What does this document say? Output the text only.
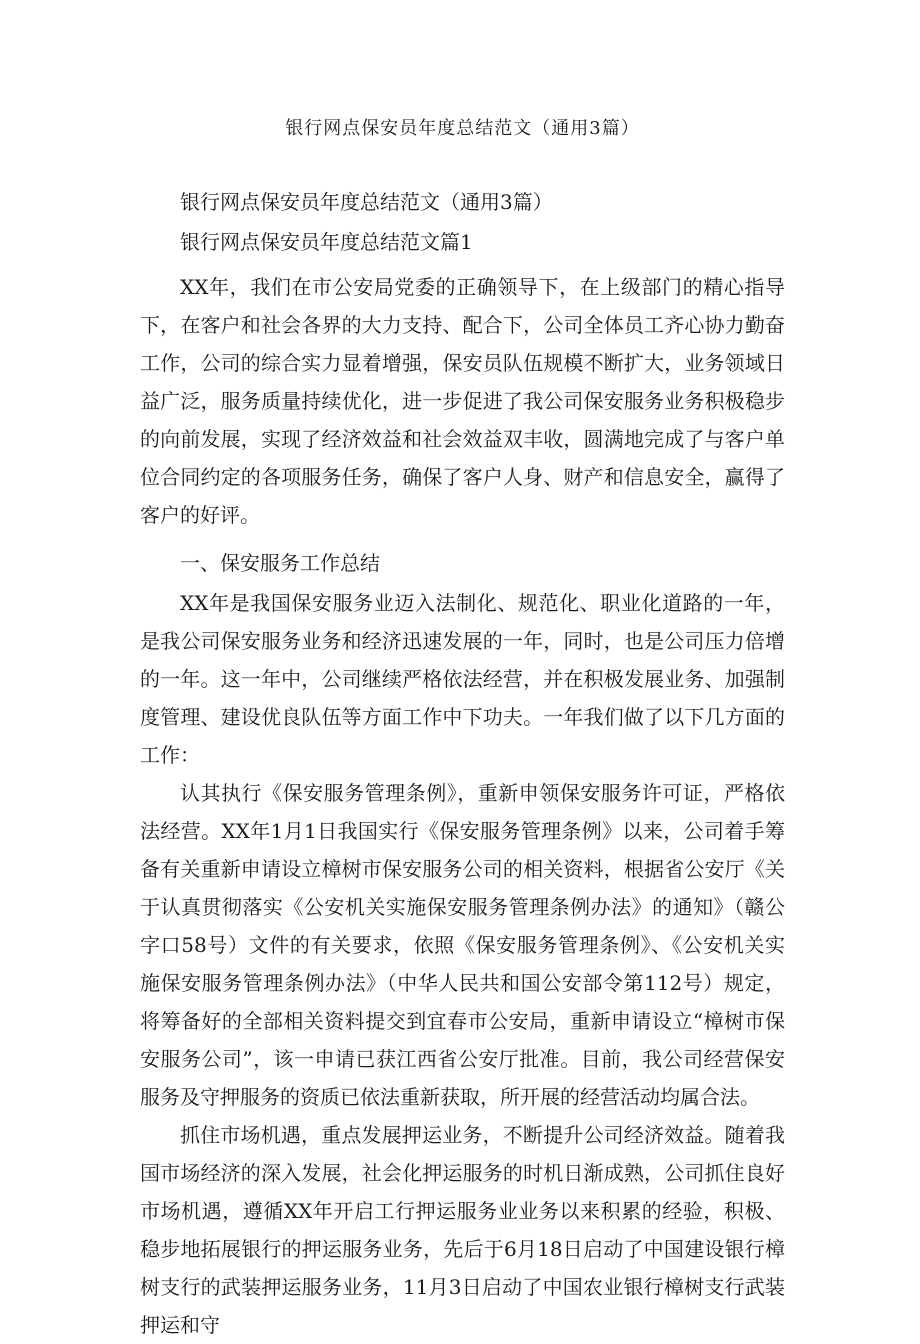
银行网点保安员年度总结范文（通用3篇）
银行网点保安员年度总结范文（通用3篇）
银行网点保安员年度总结范文篇1

XX年，我们在市公安局党委的正确领导下，在上级部门的精心指导下，在客户和社会各界的大力支持、配合下，公司全体员工齐心协力勤奋工作，公司的综合实力显着增强，保安员队伍规模不断扩大，业务领域日益广泛，服务质量持续优化，进一步促进了我公司保安服务业务积极稳步的向前发展，实现了经济效益和社会效益双丰收，圆满地完成了与客户单位合同约定的各项服务任务，确保了客户人身、财产和信息安全，赢得了客户的好评。

一、保安服务工作总结

XX年是我国保安服务业迈入法制化、规范化、职业化道路的一年，是我公司保安服务业务和经济迅速发展的一年，同时，也是公司压力倍增的一年。这一年中，公司继续严格依法经营，并在积极发展业务、加强制度管理、建设优良队伍等方面工作中下功夫。一年我们做了以下几方面的工作：

认其执行《保安服务管理条例》，重新申领保安服务许可证，严格依法经营。XX年1月1日我国实行《保安服务管理条例》以来，公司着手筹备有关重新申请设立樟树市保安服务公司的相关资料，根据省公安厅《关于认真贯彻落实《公安机关实施保安服务管理条例办法》的通知》（赣公字口58号）文件的有关要求，依照《保安服务管理条例》、《公安机关实施保安服务管理条例办法》（中华人民共和国公安部令第112号）规定，将筹备好的全部相关资料提交到宜春市公安局，重新申请设立“樟树市保安服务公司”，该一申请已获江西省公安厅批准。目前，我公司经营保安服务及守押服务的资质已依法重新获取，所开展的经营活动均属合法。

抓住市场机遇，重点发展押运业务，不断提升公司经济效益。随着我国市场经济的深入发展，社会化押运服务的时机日渐成熟，公司抓住良好市场机遇，遵循XX年开启工行押运服务业业务以来积累的经验，积极、稳步地拓展银行的押运服务业务，先后于6月18日启动了中国建设银行樟树支行的武装押运服务业务，11月3日启动了中国农业银行樟树支行武装押运和守
